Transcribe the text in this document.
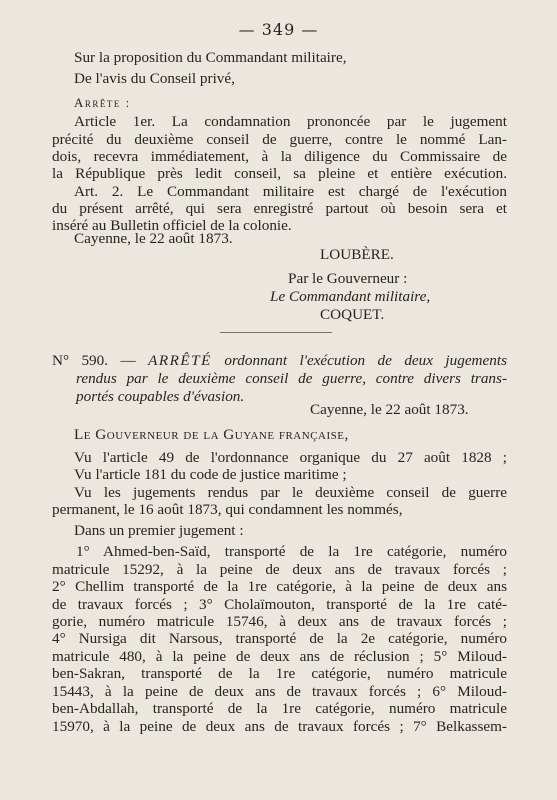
— 349 —
Sur la proposition du Commandant militaire,
De l'avis du Conseil privé,
Arrête :
Article 1er. La condamnation prononcée par le jugement
précité du deuxième conseil de guerre, contre le nommé Lan-
dois, recevra immédiatement, à la diligence du Commissaire de
la République près ledit conseil, sa pleine et entière exécution.
Art. 2. Le Commandant militaire est chargé de l'exécution
du présent arrêté, qui sera enregistré partout où besoin sera et
inséré au Bulletin officiel de la colonie.
Cayenne, le 22 août 1873.
LOUBÈRE.
Par le Gouverneur :
Le Commandant militaire,
COQUET.
N° 590. — ARRÊTÉ ordonnant l'exécution de deux jugements
rendus par le deuxième conseil de guerre, contre divers trans-
portés coupables d'évasion.
Cayenne, le 22 août 1873.
Le Gouverneur de la Guyane française,
Vu l'article 49 de l'ordonnance organique du 27 août 1828 ;
Vu l'article 181 du code de justice maritime ;
Vu les jugements rendus par le deuxième conseil de guerre
permanent, le 16 août 1873, qui condamnent les nommés,
Dans un premier jugement :
1° Ahmed-ben-Saïd, transporté de la 1re catégorie, numéro
matricule 15292, à la peine de deux ans de travaux forcés ;
2° Chellim transporté de la 1re catégorie, à la peine de deux ans
de travaux forcés ; 3° Cholaïmouton, transporté de la 1re caté-
gorie, numéro matricule 15746, à deux ans de travaux forcés ;
4° Nursiga dit Narsous, transporté de la 2e catégorie, numéro
matricule 480, à la peine de deux ans de réclusion ; 5° Miloud-
ben-Sakran, transporté de la 1re catégorie, numéro matricule
15443, à la peine de deux ans de travaux forcés ; 6° Miloud-
ben-Abdallah, transporté de la 1re catégorie, numéro matricule
15970, à la peine de deux ans de travaux forcés ; 7° Belkassem-
